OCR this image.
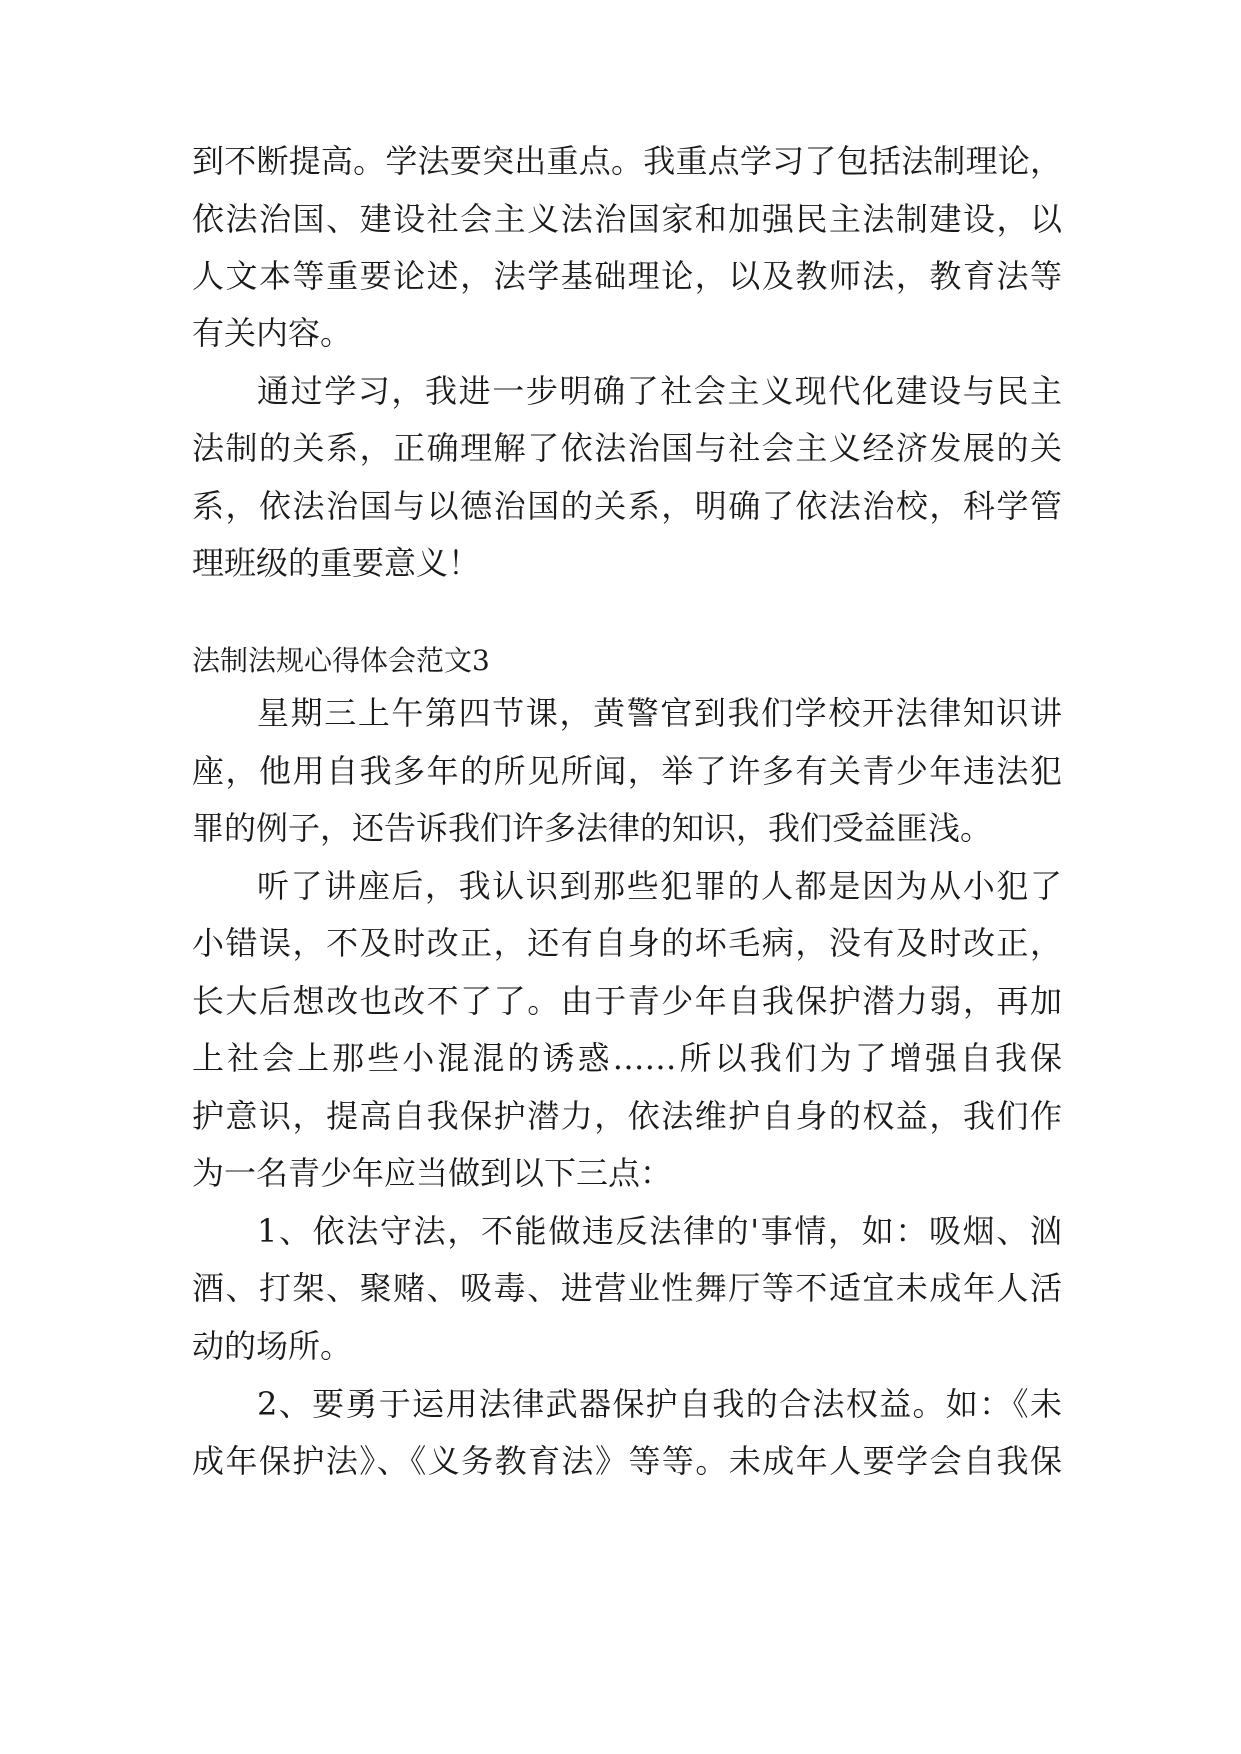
到不断提高。学法要突出重点。我重点学习了包括法制理论，
依法治国、建设社会主义法治国家和加强民主法制建设，以
人文本等重要论述，法学基础理论，以及教师法，教育法等
有关内容。
通过学习，我进一步明确了社会主义现代化建设与民主
法制的关系，正确理解了依法治国与社会主义经济发展的关
系，依法治国与以德治国的关系，明确了依法治校，科学管
理班级的重要意义！
法制法规心得体会范文3
星期三上午第四节课，黄警官到我们学校开法律知识讲
座，他用自我多年的所见所闻，举了许多有关青少年违法犯
罪的例子，还告诉我们许多法律的知识，我们受益匪浅。
听了讲座后，我认识到那些犯罪的人都是因为从小犯了
小错误，不及时改正，还有自身的坏毛病，没有及时改正，
长大后想改也改不了了。由于青少年自我保护潜力弱，再加
上社会上那些小混混的诱惑……所以我们为了增强自我保
护意识，提高自我保护潜力，依法维护自身的权益，我们作
为一名青少年应当做到以下三点：
1、依法守法，不能做违反法律的'事情，如：吸烟、汹
酒、打架、聚赌、吸毒、进营业性舞厅等不适宜未成年人活
动的场所。
2、要勇于运用法律武器保护自我的合法权益。如：《未
成年保护法》、《义务教育法》等等。未成年人要学会自我保
